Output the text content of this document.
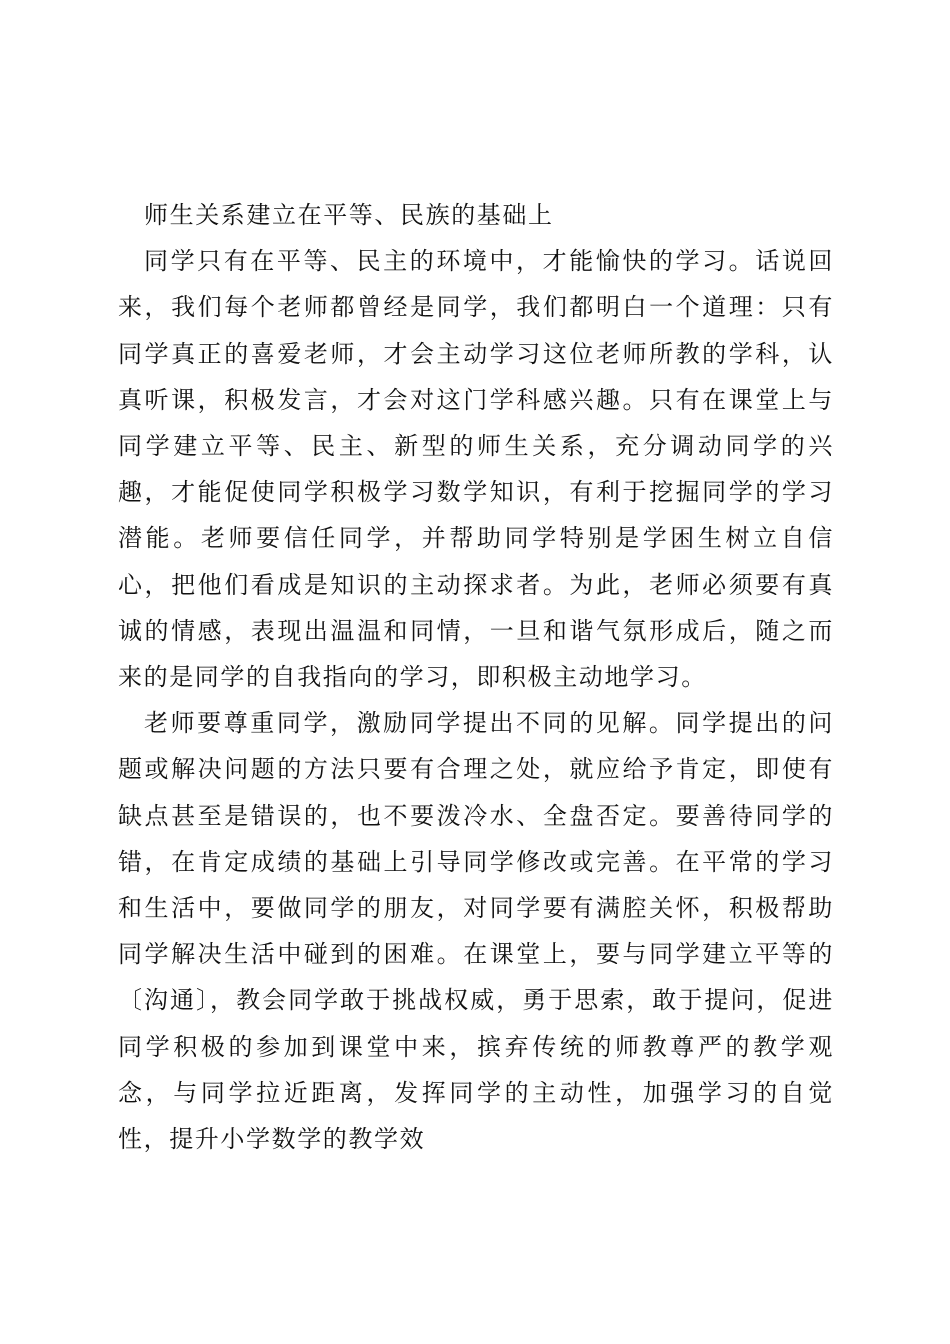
师生关系建立在平等、民族的基础上

同学只有在平等、民主的环境中，才能愉快的学习。话说回来，我们每个老师都曾经是同学，我们都明白一个道理：只有同学真正的喜爱老师，才会主动学习这位老师所教的学科，认真听课，积极发言，才会对这门学科感兴趣。只有在课堂上与同学建立平等、民主、新型的师生关系，充分调动同学的兴趣，才能促使同学积极学习数学知识，有利于挖掘同学的学习潜能。老师要信任同学，并帮助同学特别是学困生树立自信心，把他们看成是知识的主动探求者。为此，老师必须要有真诚的情感，表现出温温和同情，一旦和谐气氛形成后，随之而来的是同学的自我指向的学习，即积极主动地学习。

老师要尊重同学，激励同学提出不同的见解。同学提出的问题或解决问题的方法只要有合理之处，就应给予肯定，即使有缺点甚至是错误的，也不要泼冷水、全盘否定。要善待同学的错，在肯定成绩的基础上引导同学修改或完善。在平常的学习和生活中，要做同学的朋友，对同学要有满腔关怀，积极帮助同学解决生活中碰到的困难。在课堂上，要与同学建立平等的〔沟通〕，教会同学敢于挑战权威，勇于思索，敢于提问，促进同学积极的参加到课堂中来，摈弃传统的师教尊严的教学观念，与同学拉近距离，发挥同学的主动性，加强学习的自觉性，提升小学数学的教学效
